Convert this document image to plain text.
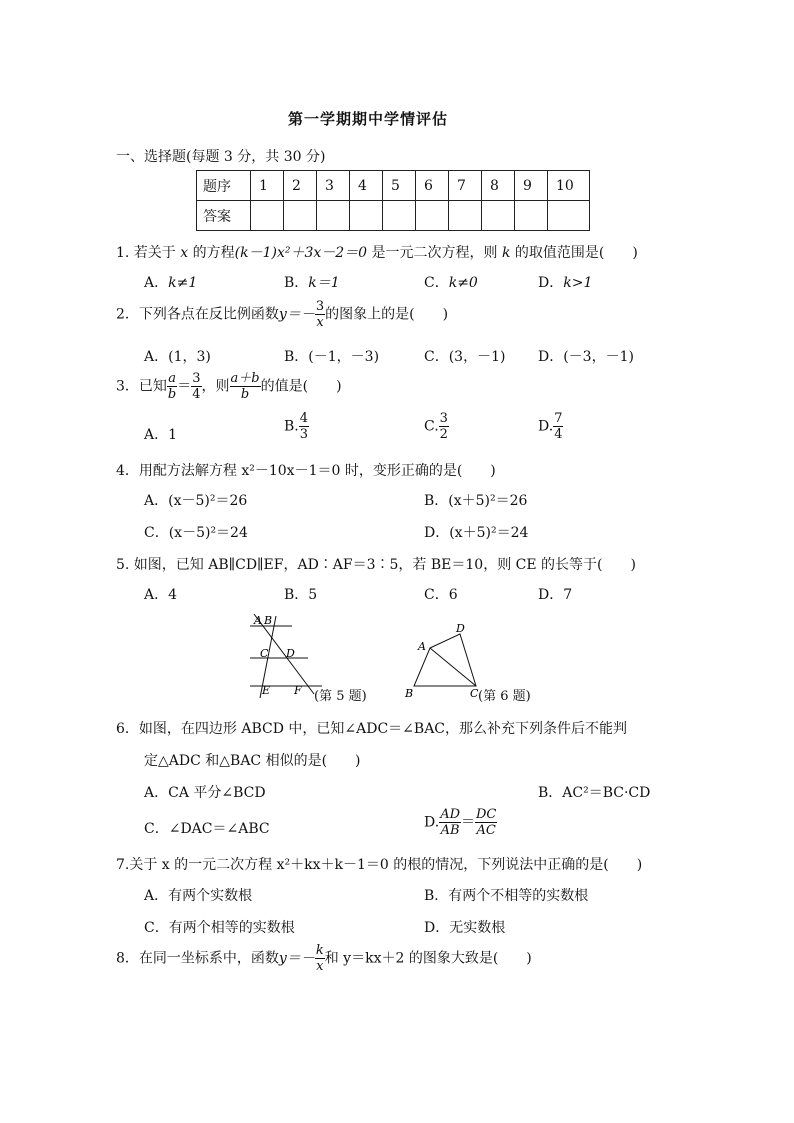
第一学期期中学情评估
一、选择题(每题 3 分，共 30 分)
题序	1	2	3	4	5	6	7	8	9	10
答案										
1. 若关于 x 的方程(k－1)x²＋3x－2＝0 是一元二次方程，则 k 的取值范围是(　　)
A．k≠1	B．k＝1	C．k≠0	D．k>1
2．下列各点在反比例函数$y=- \frac{3}{x}$ 的图象上的是(　　)
A．(1，3)	B．(－1，－3)	C．(3，－1) D．(－3，－1)
3．已知 $\frac{a}{b} = \frac{3}{4}$ ，则 $\frac{a+b}{b}$ 的值是(　　)
A．1
B. $\frac{4}{3}$	C. $\frac{3}{2}$	D. $\frac{7}{4}$
4．用配方法解方程 x²－10x－1＝0 时，变形正确的是(　　)
A．(x－5)²＝26	B．(x＋5)²＝26
C．(x－5)²＝24	D．(x＋5)²＝24
5. 如图，已知 AB∥CD∥EF，AD∶AF＝3∶5，若 BE＝10，则 CE 的长等于(　　)
A．4	B．5	C．6	D．7
A B
C D
E F (第 5 题)
A
D
B	C (第 6 题)
6．如图，在四边形 ABCD 中，已知∠ADC＝∠BAC，那么补充下列条件后不能判
定△ADC 和△BAC 相似的是(　　)
A．CA 平分∠BCD	B．AC²＝BC·CD
C．∠DAC＝∠ABC	D. $\frac{AD}{AB} = \frac{DC}{AC}$
7.关于 x 的一元二次方程 x²＋kx＋k－1＝0 的根的情况，下列说法中正确的是(　　)
A．有两个实数根	B．有两个不相等的实数根
C．有两个相等的实数根	D．无实数根
8．在同一坐标系中，函数$y=- \frac{k}{x}$ 和 y＝kx＋2 的图象大致是(　　)
